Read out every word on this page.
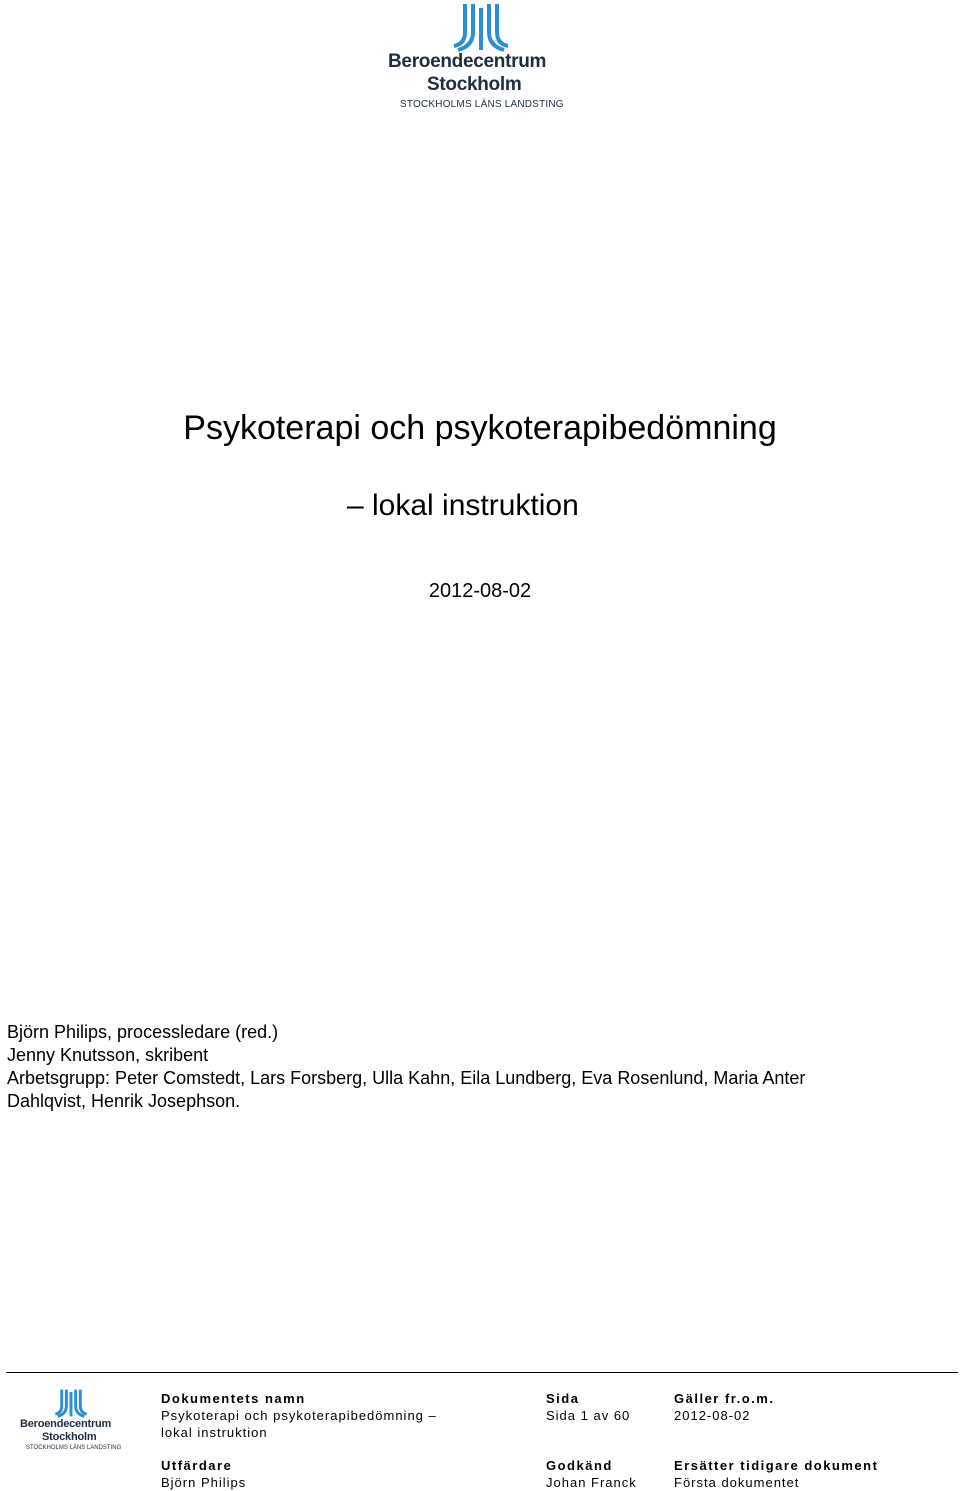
Beroendecentrum
Stockholm
STOCKHOLMS LÄNS LANDSTING
Psykoterapi och psykoterapibedömning
– lokal instruktion
2012-08-02
Björn Philips, processledare (red.)
Jenny Knutsson, skribent
Arbetsgrupp: Peter Comstedt, Lars Forsberg, Ulla Kahn, Eila Lundberg, Eva Rosenlund, Maria Anter
Dahlqvist, Henrik Josephson.
Beroendecentrum
Stockholm
STOCKHOLMS LÄNS LANDSTING
Dokumentets namn
Psykoterapi och psykoterapibedömning –
lokal instruktion
Sida
Sida 1 av 60
Gäller fr.o.m.
2012-08-02
Utfärdare
Björn Philips
Godkänd
Johan Franck
Ersätter tidigare dokument
Första dokumentet
